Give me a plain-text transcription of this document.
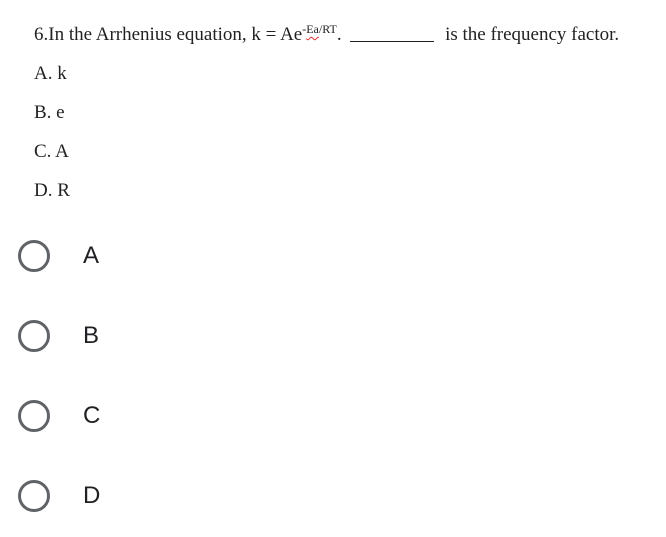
6.In the Arrhenius equation, $k = Ae^{-Ea/RT}$.	is the frequency factor.
A. k
B. e
C. A
D. R
A
B
C
D
